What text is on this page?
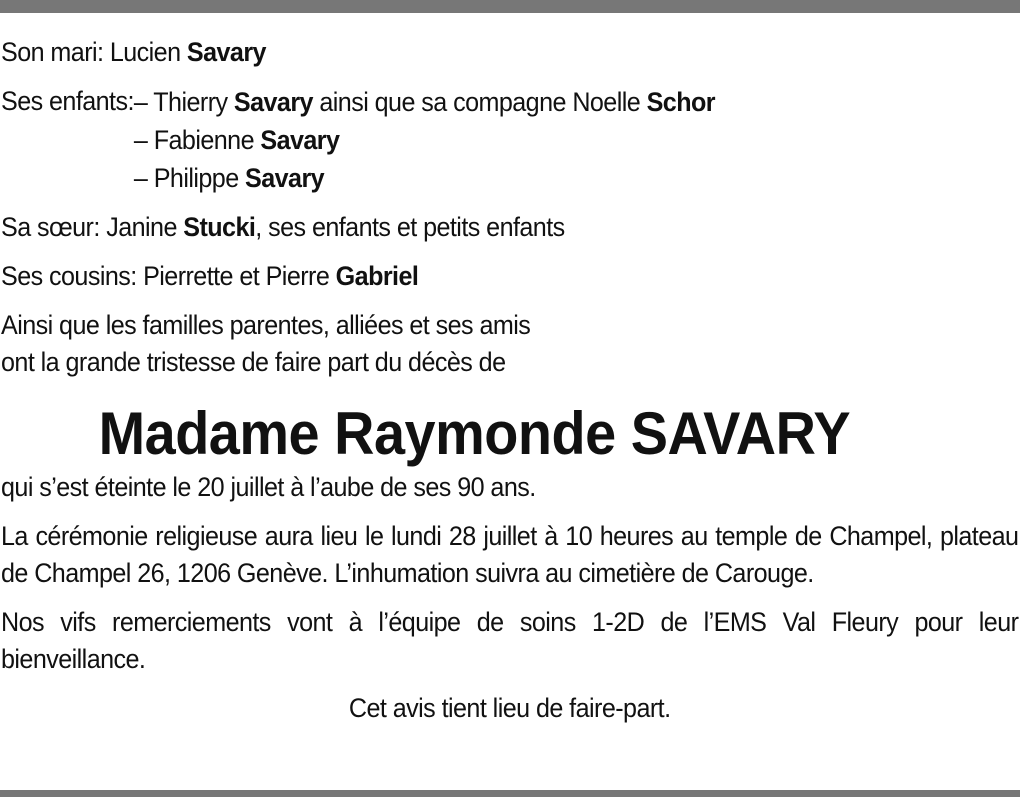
Son mari: Lucien Savary
Ses enfants: – Thierry Savary ainsi que sa compagne Noelle Schor
– Fabienne Savary
– Philippe Savary
Sa sœur: Janine Stucki, ses enfants et petits enfants
Ses cousins: Pierrette et Pierre Gabriel
Ainsi que les familles parentes, alliées et ses amis
ont la grande tristesse de faire part du décès de
Madame Raymonde SAVARY
qui s’est éteinte le 20 juillet à l’aube de ses 90 ans.
La cérémonie religieuse aura lieu le lundi 28 juillet à 10 heures au temple de Champel, plateau de Champel 26, 1206 Genève. L’inhumation suivra au cimetière de Carouge.
Nos vifs remerciements vont à l’équipe de soins 1-2D de l’EMS Val Fleury pour leur bienveillance.
Cet avis tient lieu de faire-part.
